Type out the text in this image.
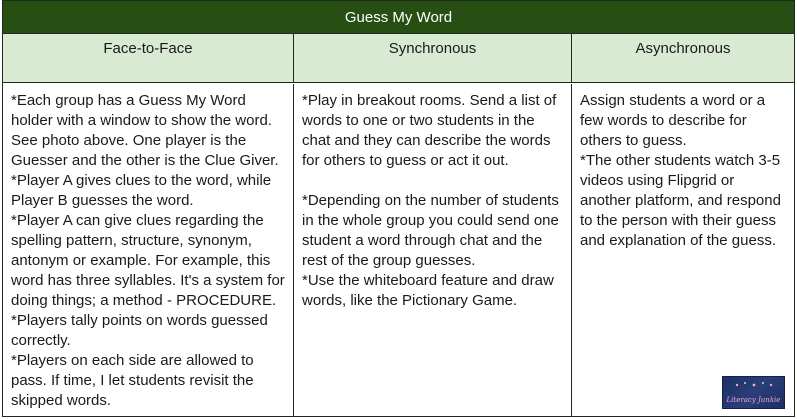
Guess My Word
Face-to-Face	Synchronous	Asynchronous
*Each group has a Guess My Word holder with a window to show the word. See photo above. One player is the Guesser and the other is the Clue Giver.
*Player A gives clues to the word, while Player B guesses the word.
*Player A can give clues regarding the spelling pattern, structure, synonym, antonym or example. For example, this word has three syllables. It's a system for doing things; a method - PROCEDURE.
*Players tally points on words guessed correctly.
*Players on each side are allowed to pass. If time, I let students revisit the skipped words.
*Play in breakout rooms. Send a list of words to one or two students in the chat and they can describe the words for others to guess or act it out.
*Depending on the number of students in the whole group you could send one student a word through chat and the rest of the group guesses.
*Use the whiteboard feature and draw words, like the Pictionary Game.
Assign students a word or a few words to describe for others to guess.
*The other students watch 3-5 videos using Flipgrid or another platform, and respond to the person with their guess and explanation of the guess.
Literacy Junkie
